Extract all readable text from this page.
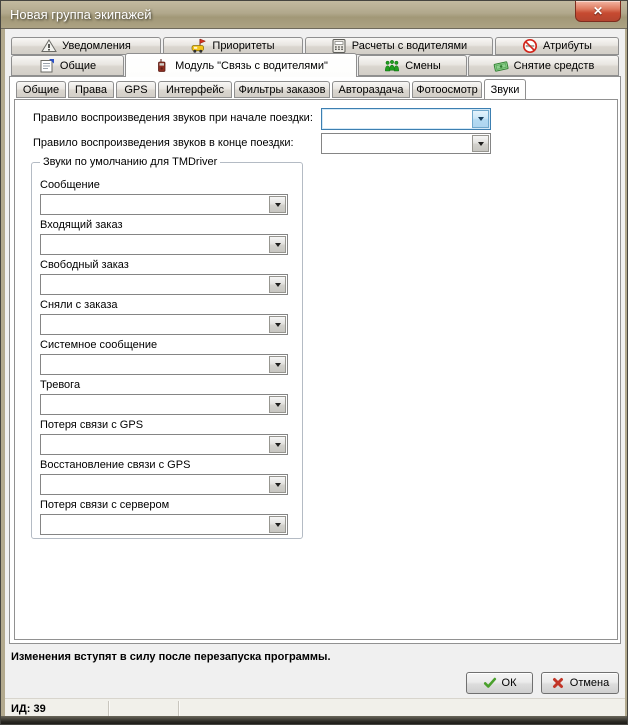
Новая группа экипажей	✕
Уведомления	Приоритеты	Расчеты с водителями	Атрибуты
Общие	Модуль "Связь с водителями"	Смены	Снятие средств
Общие Права GPS Интерфейс Фильтры заказов Автораздача Фотоосмотр Звуки
Правило воспроизведения звуков при начале поездки:
Правило воспроизведения звуков в конце поездки:
Звуки по умолчанию для TMDriver
Сообщение
Входящий заказ
Свободный заказ
Сняли с заказа
Системное сообщение
Тревога
Потеря связи с GPS
Восстановление связи с GPS
Потеря связи с сервером
Изменения вступят в силу после перезапуска программы.
ОК	Отмена
ИД: 39
